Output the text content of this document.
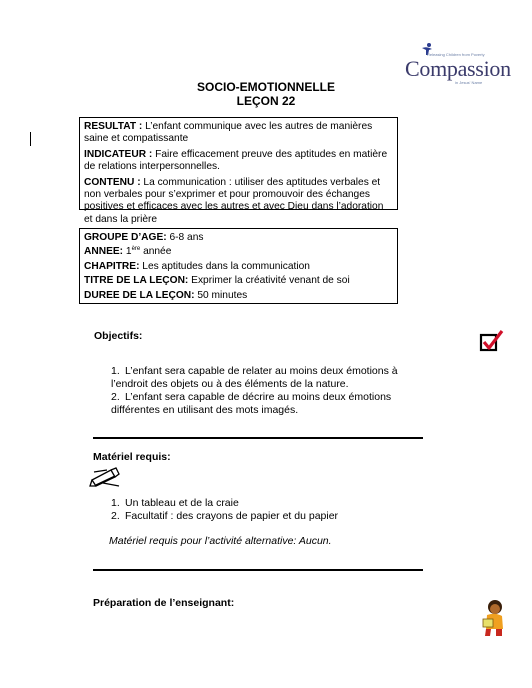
Releasing Children from Poverty
Compassion
in Jesus' Name
SOCIO-EMOTIONNELLE
LEÇON 22

RESULTAT : L’enfant communique avec les autres de manières saine et compatissante

INDICATEUR : Faire efficacement preuve des aptitudes en matière de relations interpersonnelles.

CONTENU : La communication : utiliser des aptitudes verbales et non verbales pour s’exprimer et pour promouvoir des échanges positives et efficaces avec les autres et avec Dieu dans l’adoration et dans la prière

GROUPE D’AGE: 6-8 ans

ANNEE: 1ère année

CHAPITRE: Les aptitudes dans la communication

TITRE DE LA LEÇON: Exprimer la créativité venant de soi

DUREE DE LA LEÇON: 50 minutes

Objectifs:
1. L’enfant sera capable de relater au moins deux émotions à
l’endroit des objets ou à des éléments de la nature.
2. L’enfant sera capable de décrire au moins deux émotions
différentes en utilisant des mots imagés.
Matériel requis:
1. Un tableau et de la craie
2. Facultatif : des crayons de papier et du papier
Matériel requis pour l’activité alternative: Aucun.
Préparation de l’enseignant:
